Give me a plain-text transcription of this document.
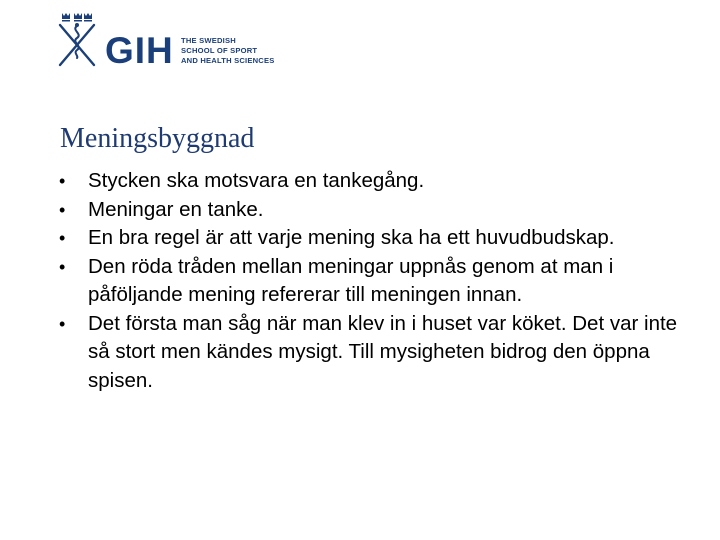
GIH THE SWEDISH
SCHOOL OF SPORT
AND HEALTH SCIENCES
Meningsbyggnad
•	Stycken ska motsvara en tankegång.
•	Meningar en tanke.
•	En bra regel är att varje mening ska ha ett huvudbudskap.
•	Den röda tråden mellan meningar uppnås genom at man i påföljande mening refererar till meningen innan.
•	Det första man såg när man klev in i huset var köket. Det var inte så stort men kändes mysigt. Till mysigheten bidrog den öppna spisen.
